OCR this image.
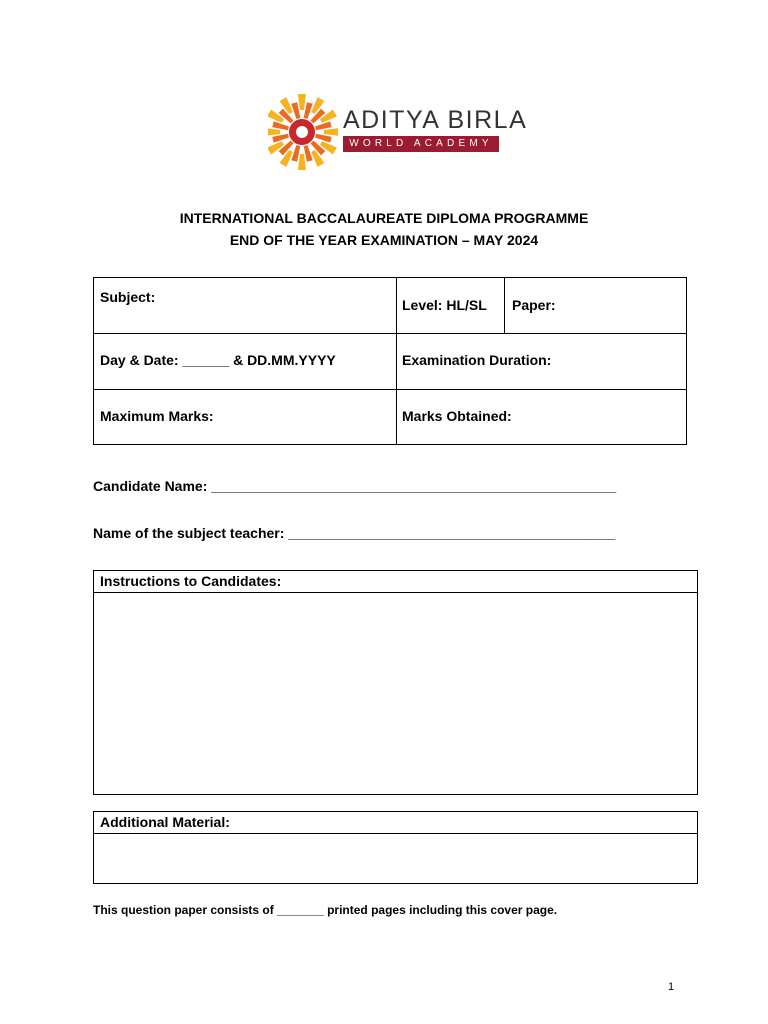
ADITYA BIRLA
WORLD ACADEMY
INTERNATIONAL BACCALAUREATE DIPLOMA PROGRAMME
END OF THE YEAR EXAMINATION – MAY 2024
Subject:	Level: HL/SL Paper:
Day & Date: ______ & DD.MM.YYYY	Examination Duration:
Maximum Marks:	Marks Obtained:
Candidate Name: ____________________________________________________
Name of the subject teacher: __________________________________________
Instructions to Candidates:
Additional Material:
This question paper consists of _______ printed pages including this cover page.
1
